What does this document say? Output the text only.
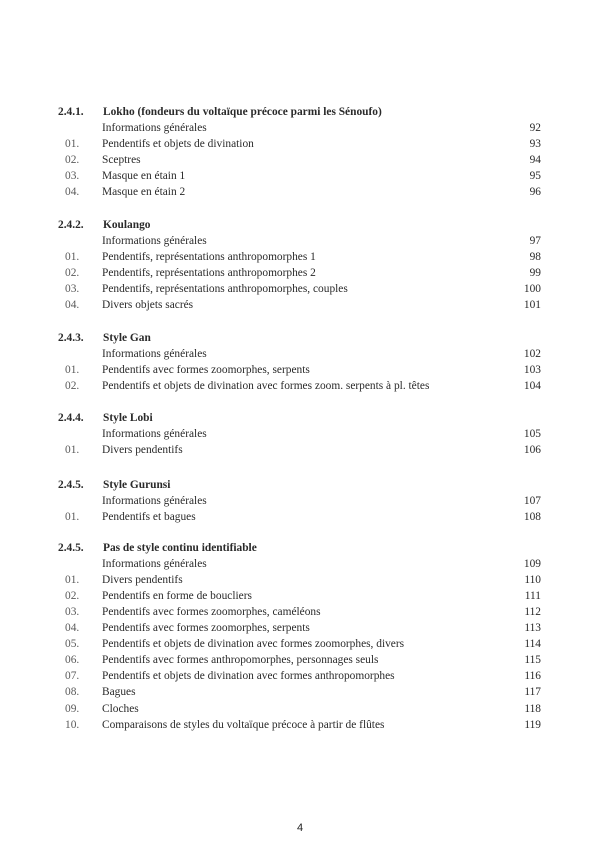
2.4.1. Lokho (fondeurs du voltaïque précoce parmi les Sénoufo)
Informations générales	92
01. Pendentifs et objets de divination	93
02. Sceptres	94
03. Masque en étain 1	95
04. Masque en étain 2	96
2.4.2. Koulango
Informations générales	97
01. Pendentifs, représentations anthropomorphes 1	98
02. Pendentifs, représentations anthropomorphes 2	99
03. Pendentifs, représentations anthropomorphes, couples	100
04. Divers objets sacrés	101
2.4.3. Style Gan
Informations générales	102
01. Pendentifs avec formes zoomorphes, serpents	103
02. Pendentifs et objets de divination avec formes zoom. serpents à pl. têtes	104
2.4.4. Style Lobi
Informations générales	105
01. Divers pendentifs	106
2.4.5. Style Gurunsi
Informations générales	107
01. Pendentifs et bagues	108
2.4.5. Pas de style continu identifiable
Informations générales	109
01. Divers pendentifs	110
02. Pendentifs en forme de boucliers	111
03. Pendentifs avec formes zoomorphes, caméléons	112
04. Pendentifs avec formes zoomorphes, serpents	113
05. Pendentifs et objets de divination avec formes zoomorphes, divers	114
06. Pendentifs avec formes anthropomorphes, personnages seuls	115
07. Pendentifs et objets de divination avec formes anthropomorphes	116
08. Bagues	117
09. Cloches	118
10. Comparaisons de styles du voltaïque précoce à partir de flûtes	119
4
